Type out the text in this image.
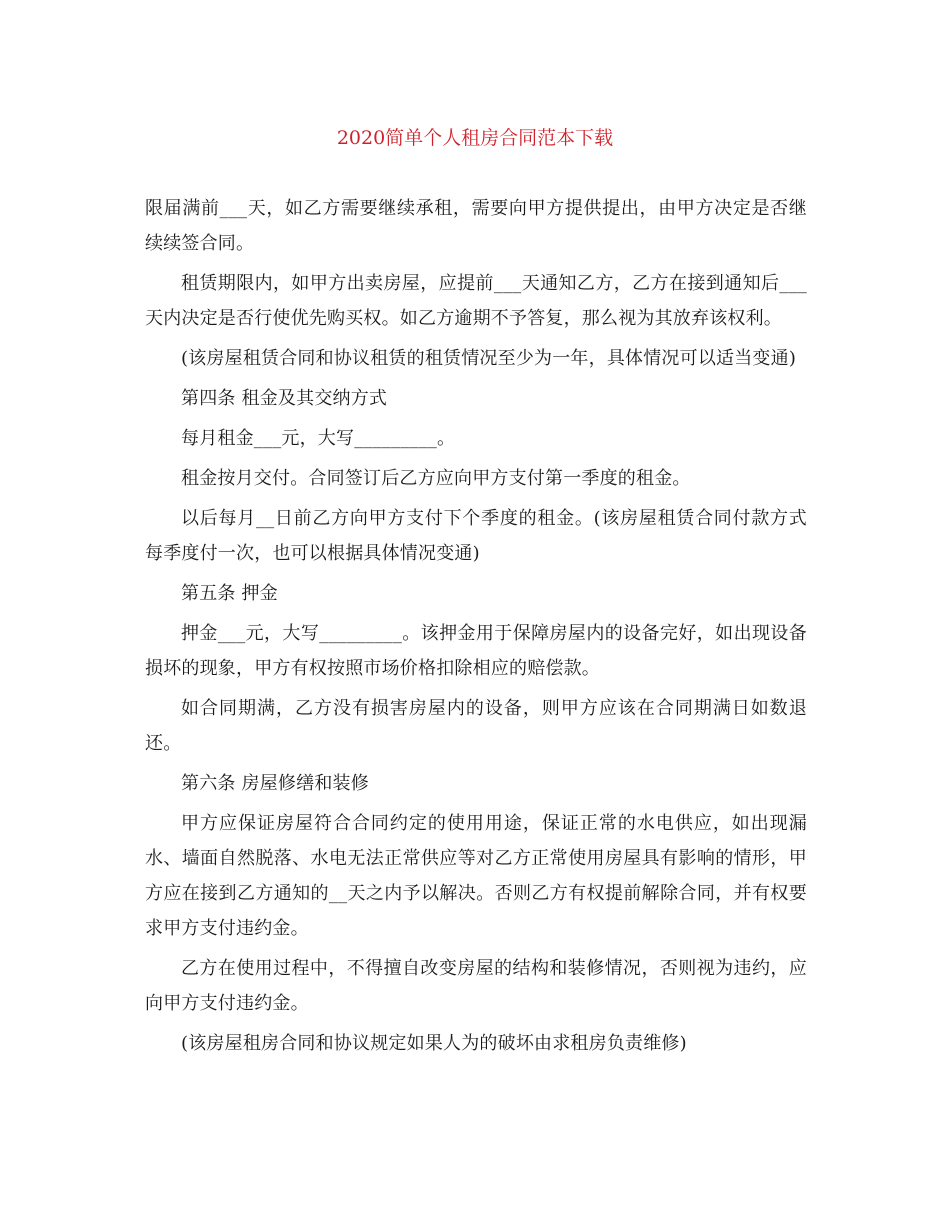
2020简单个人租房合同范本下载

限届满前___天，如乙方需要继续承租，需要向甲方提供提出，由甲方决定是否继续续签合同。

租赁期限内，如甲方出卖房屋，应提前___天通知乙方，乙方在接到通知后___天内决定是否行使优先购买权。如乙方逾期不予答复，那么视为其放弃该权利。

(该房屋租赁合同和协议租赁的租赁情况至少为一年，具体情况可以适当变通)

第四条 租金及其交纳方式

每月租金___元，大写_________。

租金按月交付。合同签订后乙方应向甲方支付第一季度的租金。

以后每月__日前乙方向甲方支付下个季度的租金。(该房屋租赁合同付款方式每季度付一次，也可以根据具体情况变通)

第五条 押金

押金___元，大写_________。该押金用于保障房屋内的设备完好，如出现设备损坏的现象，甲方有权按照市场价格扣除相应的赔偿款。

如合同期满，乙方没有损害房屋内的设备，则甲方应该在合同期满日如数退还。

第六条 房屋修缮和装修

甲方应保证房屋符合合同约定的使用用途，保证正常的水电供应，如出现漏水、墙面自然脱落、水电无法正常供应等对乙方正常使用房屋具有影响的情形，甲方应在接到乙方通知的__天之内予以解决。否则乙方有权提前解除合同，并有权要求甲方支付违约金。

乙方在使用过程中，不得擅自改变房屋的结构和装修情况，否则视为违约，应向甲方支付违约金。

(该房屋租房合同和协议规定如果人为的破坏由求租房负责维修)
